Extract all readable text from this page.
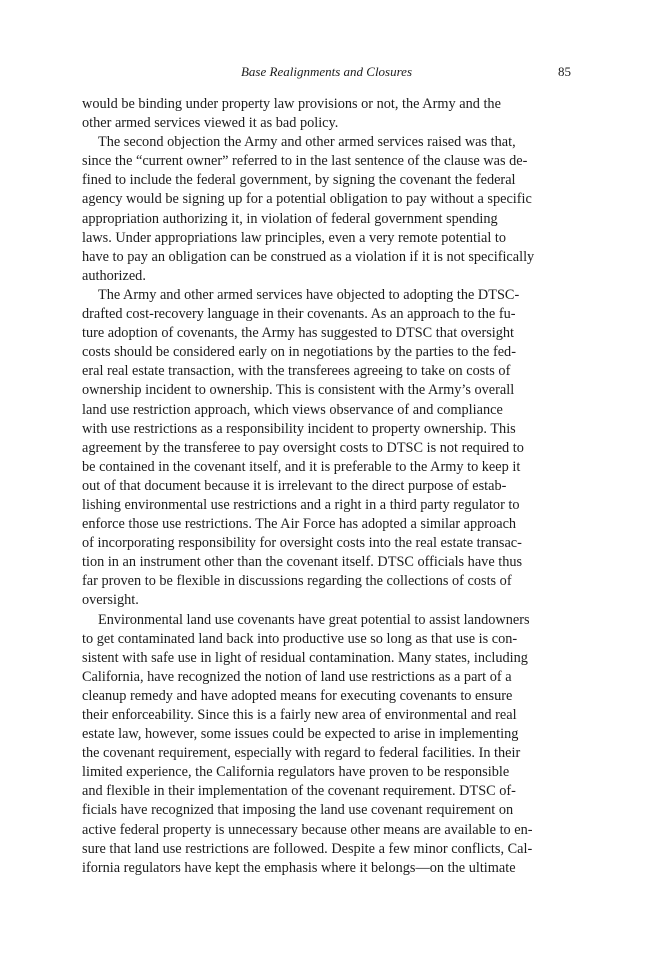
Base Realignments and Closures	85
would be binding under property law provisions or not, the Army and the
other armed services viewed it as bad policy.
The second objection the Army and other armed services raised was that,
since the “current owner” referred to in the last sentence of the clause was de-
fined to include the federal government, by signing the covenant the federal
agency would be signing up for a potential obligation to pay without a specific
appropriation authorizing it, in violation of federal government spending
laws. Under appropriations law principles, even a very remote potential to
have to pay an obligation can be construed as a violation if it is not specifically
authorized.
The Army and other armed services have objected to adopting the DTSC-
drafted cost-recovery language in their covenants. As an approach to the fu-
ture adoption of covenants, the Army has suggested to DTSC that oversight
costs should be considered early on in negotiations by the parties to the fed-
eral real estate transaction, with the transferees agreeing to take on costs of
ownership incident to ownership. This is consistent with the Army’s overall
land use restriction approach, which views observance of and compliance
with use restrictions as a responsibility incident to property ownership. This
agreement by the transferee to pay oversight costs to DTSC is not required to
be contained in the covenant itself, and it is preferable to the Army to keep it
out of that document because it is irrelevant to the direct purpose of estab-
lishing environmental use restrictions and a right in a third party regulator to
enforce those use restrictions. The Air Force has adopted a similar approach
of incorporating responsibility for oversight costs into the real estate transac-
tion in an instrument other than the covenant itself. DTSC officials have thus
far proven to be flexible in discussions regarding the collections of costs of
oversight.
Environmental land use covenants have great potential to assist landowners
to get contaminated land back into productive use so long as that use is con-
sistent with safe use in light of residual contamination. Many states, including
California, have recognized the notion of land use restrictions as a part of a
cleanup remedy and have adopted means for executing covenants to ensure
their enforceability. Since this is a fairly new area of environmental and real
estate law, however, some issues could be expected to arise in implementing
the covenant requirement, especially with regard to federal facilities. In their
limited experience, the California regulators have proven to be responsible
and flexible in their implementation of the covenant requirement. DTSC of-
ficials have recognized that imposing the land use covenant requirement on
active federal property is unnecessary because other means are available to en-
sure that land use restrictions are followed. Despite a few minor conflicts, Cal-
ifornia regulators have kept the emphasis where it belongs—on the ultimate
